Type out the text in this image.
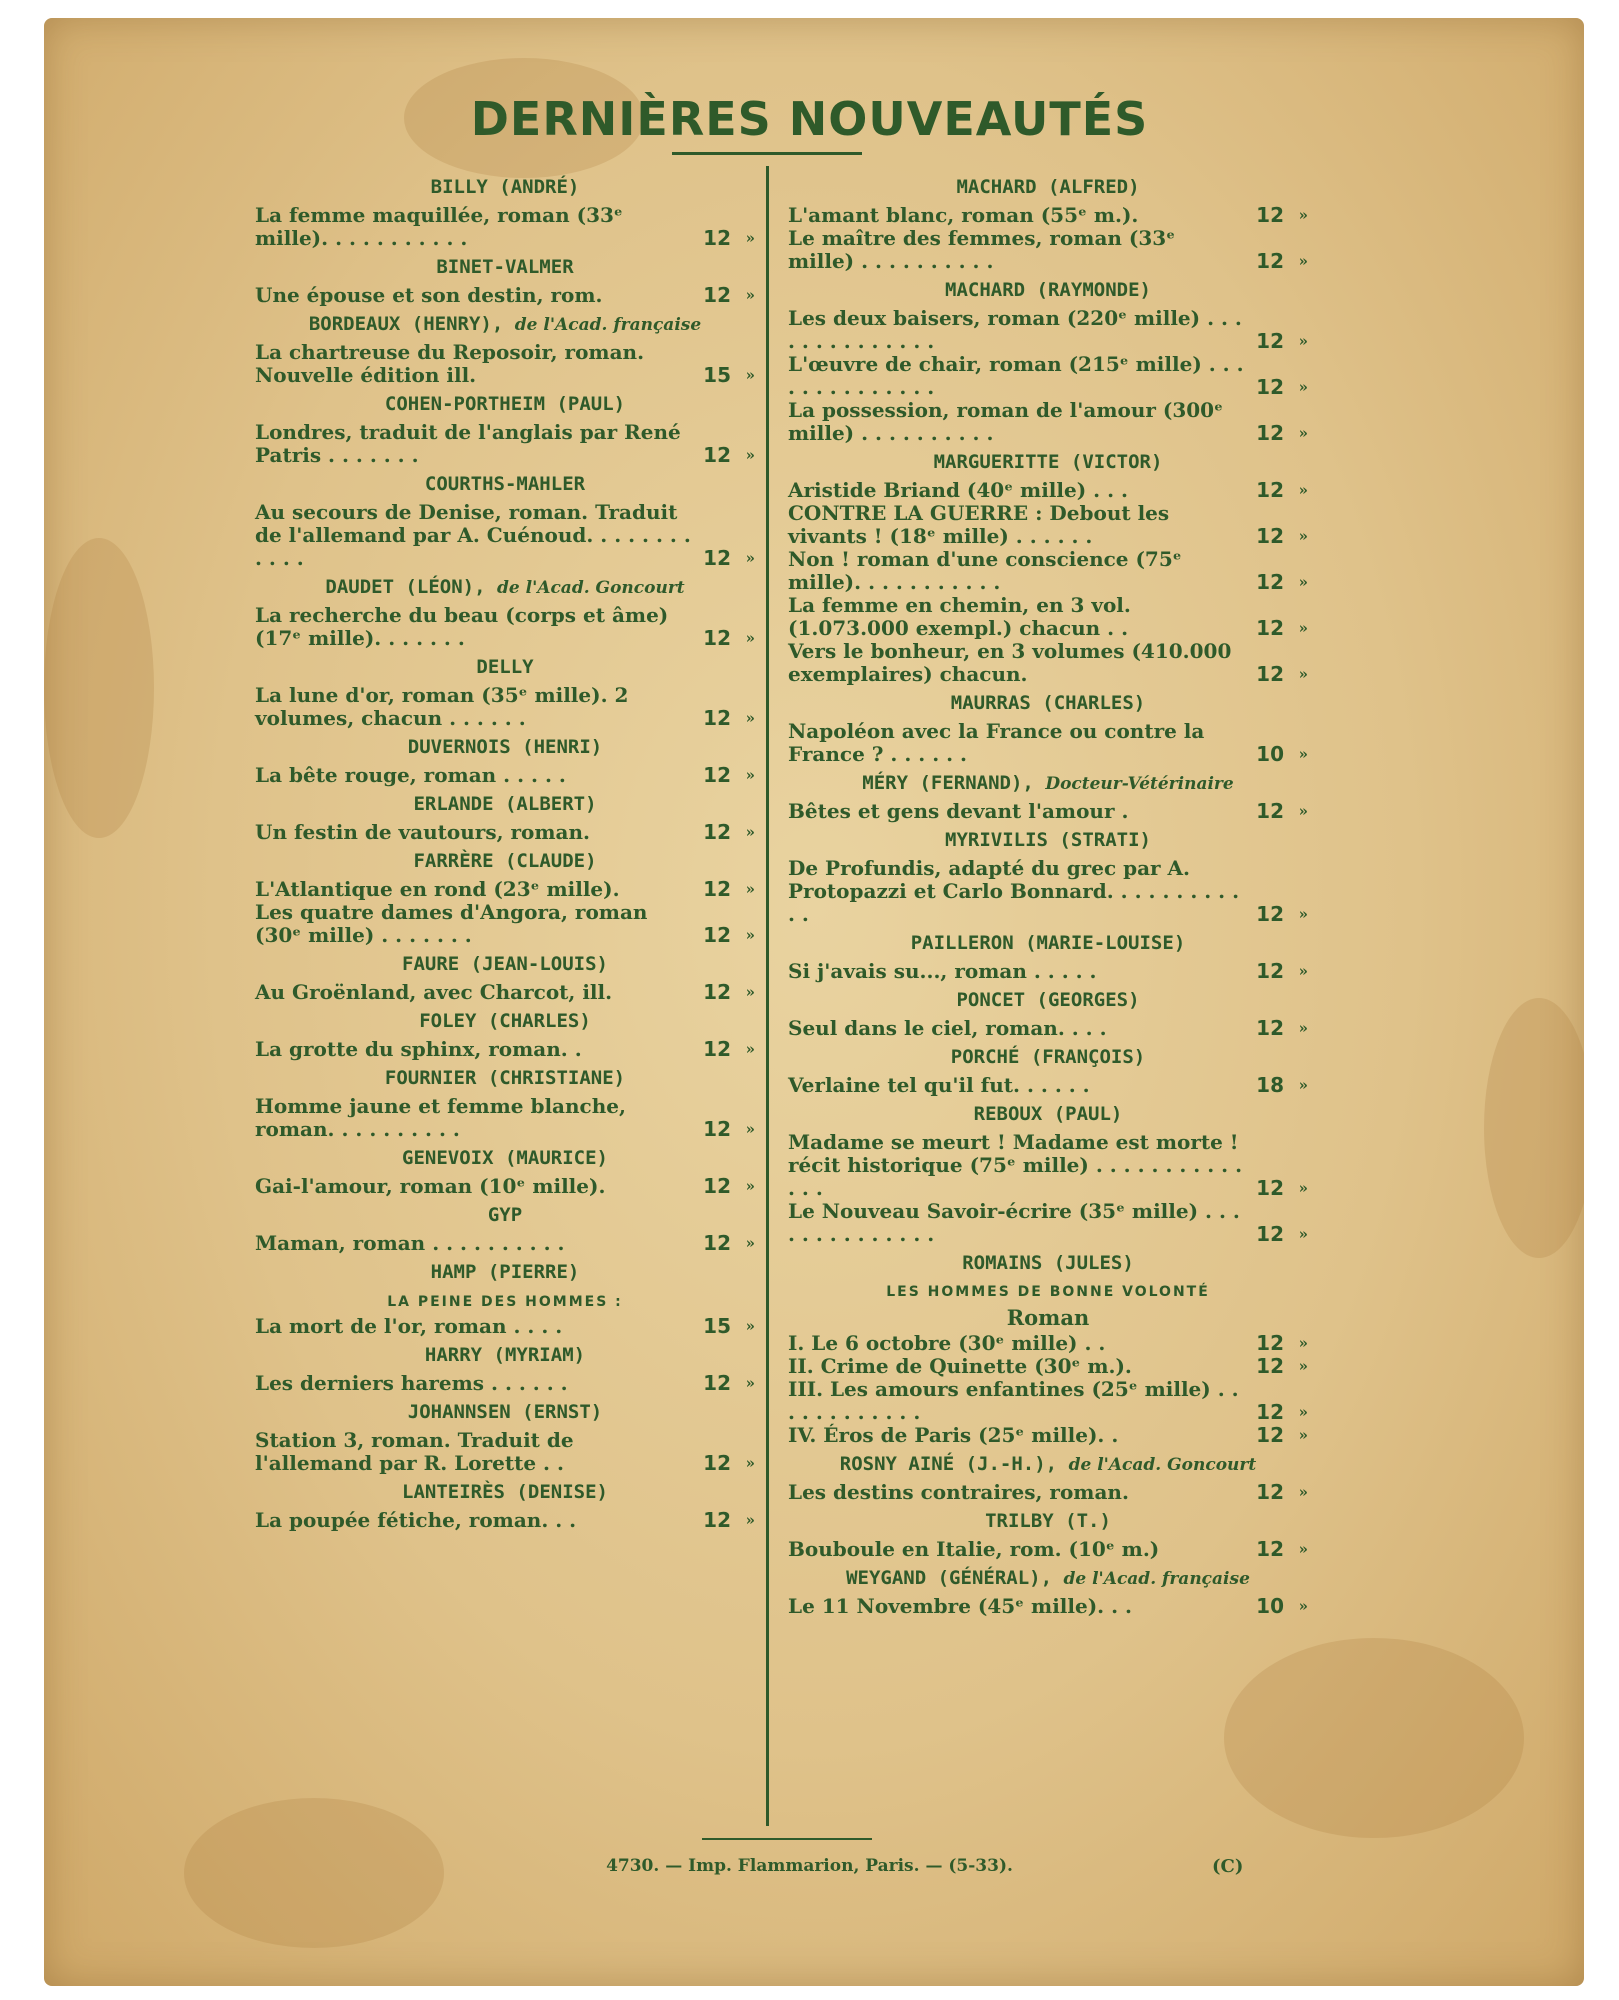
DERNIÈRES NOUVEAUTÉS
BILLY (ANDRÉ)
La femme maquillée, roman (33ᵉ mille). . . . . . . . . . .	12 »
BINET-VALMER
Une épouse et son destin, rom.	12 »
BORDEAUX (HENRY), de l'Acad. française
La chartreuse du Reposoir, roman. Nouvelle édition ill.	15 »
COHEN-PORTHEIM (PAUL)
Londres, traduit de l'anglais par René Patris . . . . . . .	12 »
COURTHS-MAHLER
Au secours de Denise, roman. Traduit de l'allemand par A. Cuénoud. . . . . . . . . . . .	12 »
DAUDET (LÉON), de l'Acad. Goncourt
La recherche du beau (corps et âme) (17ᵉ mille). . . . . . .	12 »
DELLY
La lune d'or, roman (35ᵉ mille). 2 volumes, chacun . . . . . .	12 »
DUVERNOIS (HENRI)
La bête rouge, roman . . . . .	12 »
ERLANDE (ALBERT)
Un festin de vautours, roman.	12 »
FARRÈRE (CLAUDE)
L'Atlantique en rond (23ᵉ mille).	12 »
Les quatre dames d'Angora, roman (30ᵉ mille) . . . . . . .	12 »
FAURE (JEAN-LOUIS)
Au Groënland, avec Charcot, ill.	12 »
FOLEY (CHARLES)
La grotte du sphinx, roman. .	12 »
FOURNIER (CHRISTIANE)
Homme jaune et femme blanche, roman. . . . . . . . . .	12 »
GENEVOIX (MAURICE)
Gai-l'amour, roman (10ᵉ mille).	12 »
GYP
Maman, roman . . . . . . . . . .	12 »
HAMP (PIERRE)
LA PEINE DES HOMMES :
La mort de l'or, roman . . . .	15 »
HARRY (MYRIAM)
Les derniers harems . . . . . .	12 »
JOHANNSEN (ERNST)
Station 3, roman. Traduit de l'allemand par R. Lorette . .	12 »
LANTEIRÈS (DENISE)
La poupée fétiche, roman. . .	12 »
MACHARD (ALFRED)
L'amant blanc, roman (55ᵉ m.).	12 »
Le maître des femmes, roman (33ᵉ mille) . . . . . . . . . .	12 »
MACHARD (RAYMONDE)
Les deux baisers, roman (220ᵉ mille) . . . . . . . . . . . . . .	12 »
L'œuvre de chair, roman (215ᵉ mille) . . . . . . . . . . . . . .	12 »
La possession, roman de l'amour (300ᵉ mille) . . . . . . . . . .	12 »
MARGUERITTE (VICTOR)
Aristide Briand (40ᵉ mille) . . .	12 »
CONTRE LA GUERRE : Debout les vivants ! (18ᵉ mille) . . . . . .	12 »
Non ! roman d'une conscience (75ᵉ mille). . . . . . . . . . .	12 »
La femme en chemin, en 3 vol. (1.073.000 exempl.) chacun . .	12 »
Vers le bonheur, en 3 volumes (410.000 exemplaires) chacun.	12 »
MAURRAS (CHARLES)
Napoléon avec la France ou contre la France ? . . . . . .	10 »
MÉRY (FERNAND), Docteur-Vétérinaire
Bêtes et gens devant l'amour .	12 »
MYRIVILIS (STRATI)
De Profundis, adapté du grec par A. Protopazzi et Carlo Bonnard. . . . . . . . . . . .	12 »
PAILLERON (MARIE-LOUISE)
Si j'avais su..., roman . . . . .	12 »
PONCET (GEORGES)
Seul dans le ciel, roman. . . .	12 »
PORCHÉ (FRANÇOIS)
Verlaine tel qu'il fut. . . . . .	18 »
REBOUX (PAUL)
Madame se meurt ! Madame est morte ! récit historique (75ᵉ mille) . . . . . . . . . . . . . .	12 »
Le Nouveau Savoir-écrire (35ᵉ mille) . . . . . . . . . . . . . .	12 »
ROMAINS (JULES)
LES HOMMES DE BONNE VOLONTÉ
Roman
I. Le 6 octobre (30ᵉ mille) . .	12 »
II. Crime de Quinette (30ᵉ m.).	12 »
III. Les amours enfantines (25ᵉ mille) . . . . . . . . . . . .	12 »
IV. Éros de Paris (25ᵉ mille). .	12 »
ROSNY AINÉ (J.-H.), de l'Acad. Goncourt
Les destins contraires, roman.	12 »
TRILBY (T.)
Bouboule en Italie, rom. (10ᵉ m.)	12 »
WEYGAND (GÉNÉRAL), de l'Acad. française
Le 11 Novembre (45ᵉ mille). . .	10 »
4730. — Imp. Flammarion, Paris. — (5-33).	(C)
